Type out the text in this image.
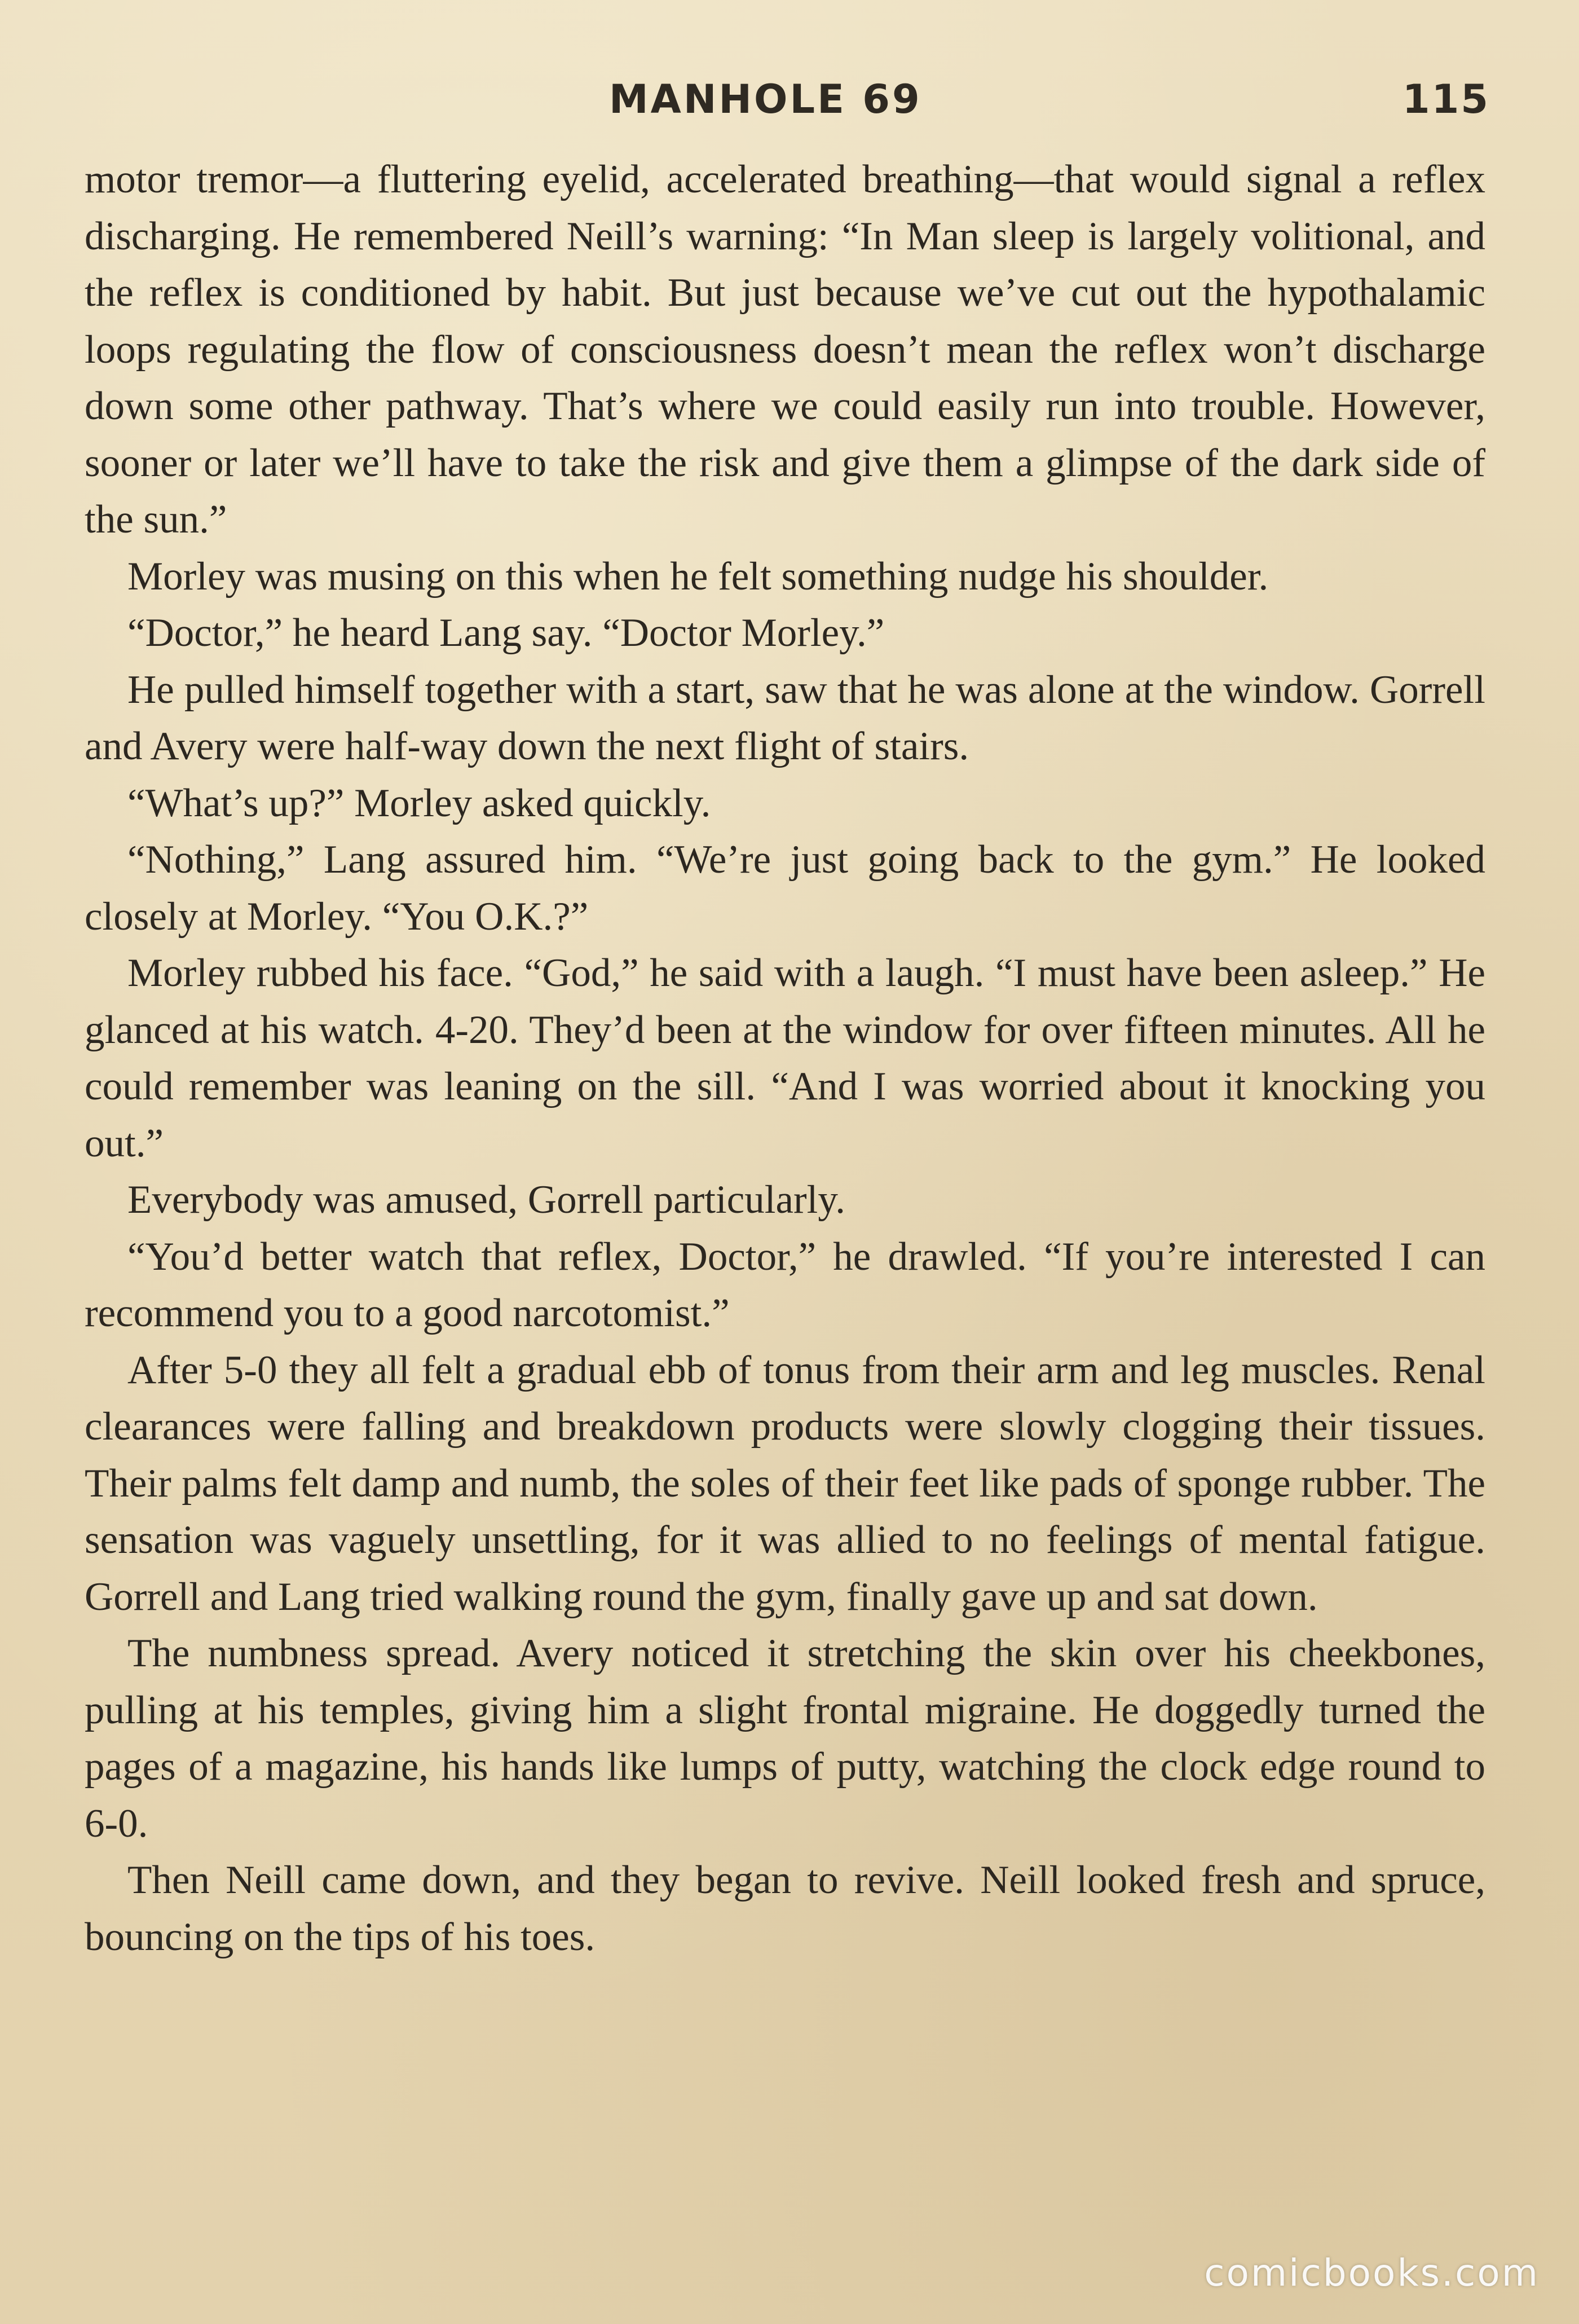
MANHOLE 69	115

motor tremor—a fluttering eyelid, accelerated breathing—that would signal a reflex discharging. He remembered Neill’s warning: “In Man sleep is largely volitional, and the reflex is conditioned by habit. But just because we’ve cut out the hypothalamic loops regulating the flow of consciousness doesn’t mean the reflex won’t discharge down some other pathway. That’s where we could easily run into trouble. However, sooner or later we’ll have to take the risk and give them a glimpse of the dark side of the sun.”

Morley was musing on this when he felt something nudge his shoulder.

“Doctor,” he heard Lang say. “Doctor Morley.”

He pulled himself together with a start, saw that he was alone at the window. Gorrell and Avery were half-way down the next flight of stairs.

“What’s up?” Morley asked quickly.

“Nothing,” Lang assured him. “We’re just going back to the gym.” He looked closely at Morley. “You O.K.?”

Morley rubbed his face. “God,” he said with a laugh. “I must have been asleep.” He glanced at his watch. 4-20. They’d been at the window for over fifteen minutes. All he could remember was leaning on the sill. “And I was worried about it knocking you out.”

Everybody was amused, Gorrell particularly.

“You’d better watch that reflex, Doctor,” he drawled. “If you’re interested I can recommend you to a good narcotomist.”

After 5-0 they all felt a gradual ebb of tonus from their arm and leg muscles. Renal clearances were falling and breakdown products were slowly clogging their tissues. Their palms felt damp and numb, the soles of their feet like pads of sponge rubber. The sensation was vaguely unsettling, for it was allied to no feelings of mental fatigue. Gorrell and Lang tried walking round the gym, finally gave up and sat down.

The numbness spread. Avery noticed it stretching the skin over his cheekbones, pulling at his temples, giving him a slight frontal migraine. He doggedly turned the pages of a magazine, his hands like lumps of putty, watching the clock edge round to 6-0.

Then Neill came down, and they began to revive. Neill looked fresh and spruce, bouncing on the tips of his toes.

comicbooks.com
